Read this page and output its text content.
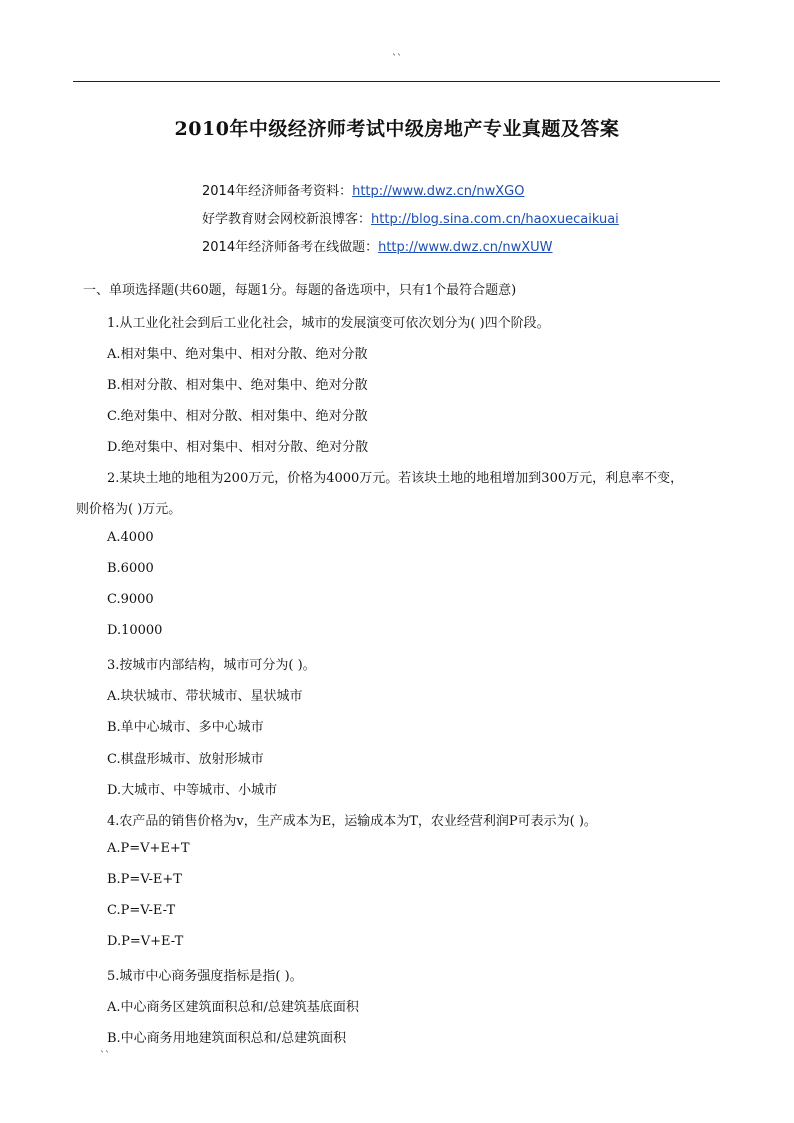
``
2010年中级经济师考试中级房地产专业真题及答案
2014年经济师备考资料：http://www.dwz.cn/nwXGO
好学教育财会网校新浪博客：http://blog.sina.com.cn/haoxuecaikuai
2014年经济师备考在线做题：http://www.dwz.cn/nwXUW
一、单项选择题(共60题，每题1分。每题的备选项中，只有1个最符合题意)
1.从工业化社会到后工业化社会，城市的发展演变可依次划分为( )四个阶段。
A.相对集中、绝对集中、相对分散、绝对分散
B.相对分散、相对集中、绝对集中、绝对分散
C.绝对集中、相对分散、相对集中、绝对分散
D.绝对集中、相对集中、相对分散、绝对分散
2.某块土地的地租为200万元，价格为4000万元。若该块土地的地租增加到300万元，利息率不变，
则价格为( )万元。
A.4000
B.6000
C.9000
D.10000
3.按城市内部结构，城市可分为( )。
A.块状城市、带状城市、星状城市
B.单中心城市、多中心城市
C.棋盘形城市、放射形城市
D.大城市、中等城市、小城市
4.农产品的销售价格为v，生产成本为E，运输成本为T，农业经营利润P可表示为( )。
A.P=V+E+T
B.P=V-E+T
C.P=V-E-T
D.P=V+E-T
5.城市中心商务强度指标是指( )。
A.中心商务区建筑面积总和/总建筑基底面积
B.中心商务用地建筑面积总和/总建筑面积
``
